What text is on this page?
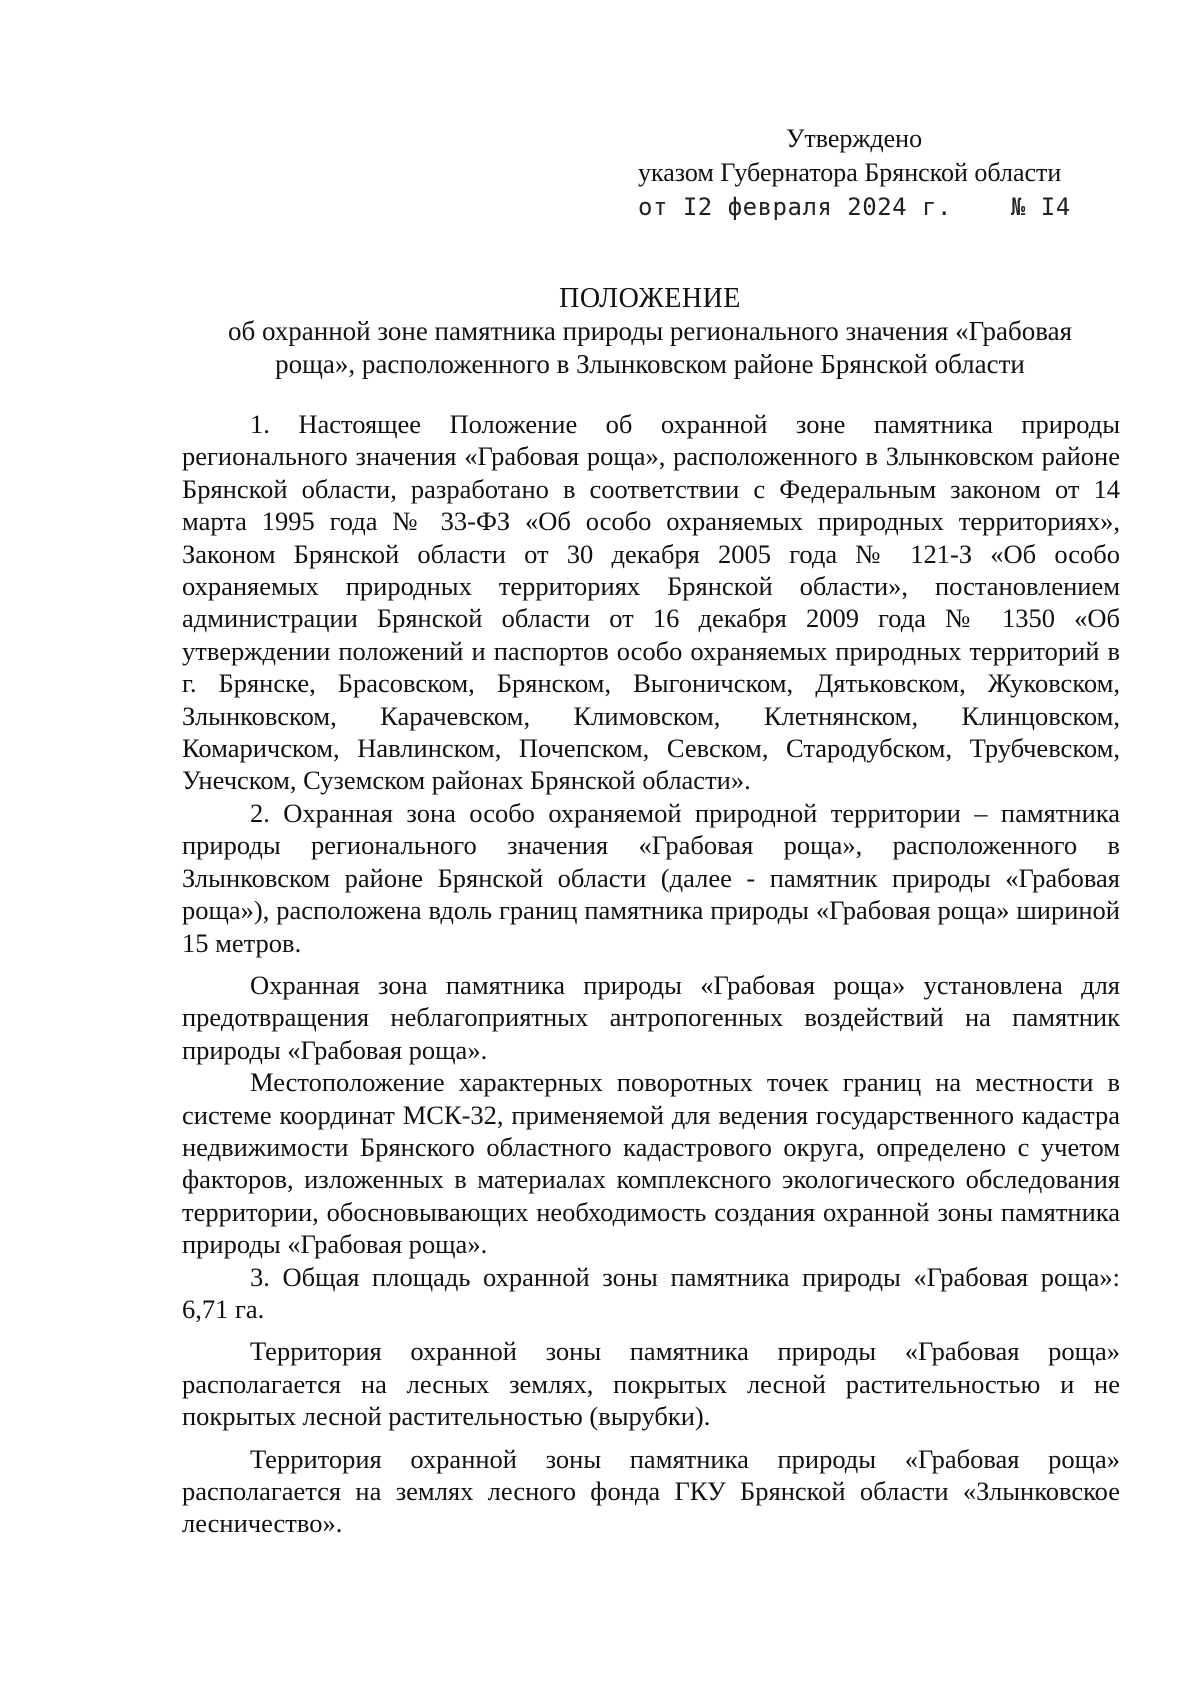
Утверждено
указом Губернатора Брянской области
от I2 февраля 2024 г. № I4
ПОЛОЖЕНИЕ
об охранной зоне памятника природы регионального значения «Грабовая
роща», расположенного в Злынковском районе Брянской области

1. Настоящее Положение об охранной зоне памятника природы регионального значения «Грабовая роща», расположенного в Злынковском районе Брянской области, разработано в соответствии с Федеральным законом от 14 марта 1995 года № 33-ФЗ «Об особо охраняемых природных территориях», Законом Брянской области от 30 декабря 2005 года № 121-З «Об особо охраняемых природных территориях Брянской области», постановлением администрации Брянской области от 16 декабря 2009 года № 1350 «Об утверждении положений и паспортов особо охраняемых природных территорий в г. Брянске, Брасовском, Брянском, Выгоничском, Дятьковском, Жуковском, Злынковском, Карачевском, Климовском, Клетнянском, Клинцовском, Комаричском, Навлинском, Почепском, Севском, Стародубском, Трубчевском, Унечском, Суземском районах Брянской области».

2. Охранная зона особо охраняемой природной территории – памятника природы регионального значения «Грабовая роща», расположенного в Злынковском районе Брянской области (далее - памятник природы «Грабовая роща»), расположена вдоль границ памятника природы «Грабовая роща» шириной 15 метров.

Охранная зона памятника природы «Грабовая роща» установлена для предотвращения неблагоприятных антропогенных воздействий на памятник природы «Грабовая роща».

Местоположение характерных поворотных точек границ на местности в системе координат МСК-32, применяемой для ведения государственного кадастра недвижимости Брянского областного кадастрового округа, определено с учетом факторов, изложенных в материалах комплексного экологического обследования территории, обосновывающих необходимость создания охранной зоны памятника природы «Грабовая роща».

3. Общая площадь охранной зоны памятника природы «Грабовая роща»: 6,71 га.

Территория охранной зоны памятника природы «Грабовая роща» располагается на лесных землях, покрытых лесной растительностью и не покрытых лесной растительностью (вырубки).

Территория охранной зоны памятника природы «Грабовая роща» располагается на землях лесного фонда ГКУ Брянской области «Злынковское лесничество».
